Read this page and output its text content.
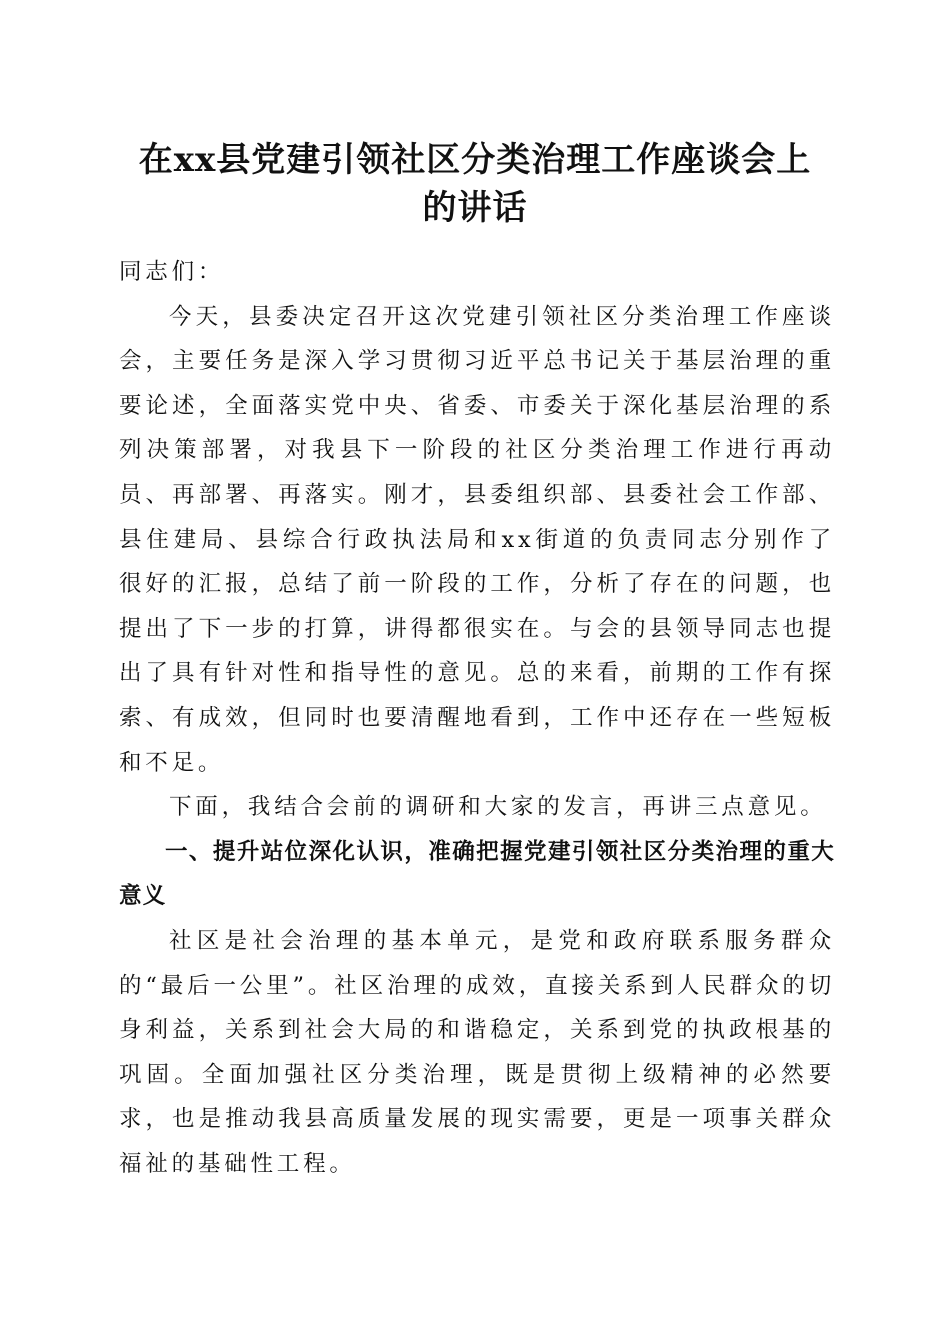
在xx县党建引领社区分类治理工作座谈会上
的讲话

同志们：

今天，县委决定召开这次党建引领社区分类治理工作座谈会，主要任务是深入学习贯彻习近平总书记关于基层治理的重要论述，全面落实党中央、省委、市委关于深化基层治理的系列决策部署，对我县下一阶段的社区分类治理工作进行再动员、再部署、再落实。刚才，县委组织部、县委社会工作部、县住建局、县综合行政执法局和xx街道的负责同志分别作了很好的汇报，总结了前一阶段的工作，分析了存在的问题，也提出了下一步的打算，讲得都很实在。与会的县领导同志也提出了具有针对性和指导性的意见。总的来看，前期的工作有探索、有成效，但同时也要清醒地看到，工作中还存在一些短板和不足。

下面，我结合会前的调研和大家的发言，再讲三点意见。

一、提升站位深化认识，准确把握党建引领社区分类治理的重大意义

社区是社会治理的基本单元，是党和政府联系服务群众的“最后一公里”。社区治理的成效，直接关系到人民群众的切身利益，关系到社会大局的和谐稳定，关系到党的执政根基的巩固。全面加强社区分类治理，既是贯彻上级精神的必然要求，也是推动我县高质量发展的现实需要，更是一项事关群众福祉的基础性工程。
